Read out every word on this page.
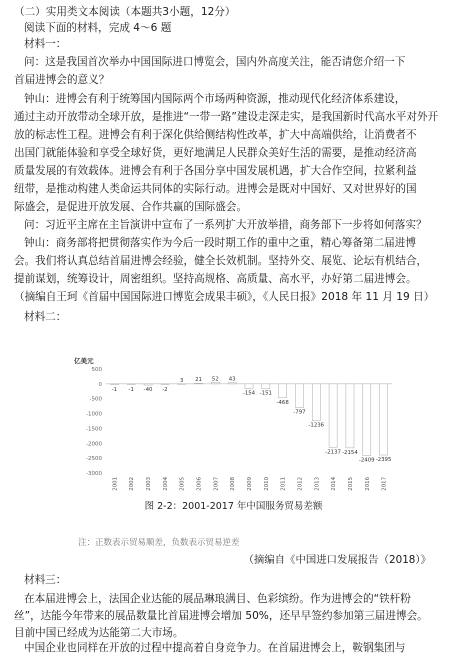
（二）实用类文本阅读（本题共3小题，12分）
阅读下面的材料，完成 4～6 题
材料一：
问：这是我国首次举办中国国际进口博览会，国内外高度关注，能否请您介绍一下
首届进博会的意义？
钟山：进博会有利于统筹国内国际两个市场两种资源，推动现代化经济体系建设，
通过主动开放带动全球开放，是推进“一带一路”建设走深走实，是我国新时代高水平对外开
放的标志性工程。进博会有利于深化供给侧结构性改革，扩大中高端供给，让消费者不
出国门就能体验和享受全球好货，更好地满足人民群众美好生活的需要，是推动经济高
质量发展的有效载体。进博会有利于各国分享中国发展机遇，扩大合作空间，拉紧利益
纽带，是推动构建人类命运共同体的实际行动。进博会是既对中国好、又对世界好的国
际盛会，是促进开放发展、合作共赢的国际盛会。
问：习近平主席在主旨演讲中宣布了一系列扩大开放举措，商务部下一步将如何落实？
钟山：商务部将把贯彻落实作为今后一段时期工作的重中之重，精心筹备第二届进博
会。我们将认真总结首届进博会经验，健全长效机制。坚持外交、展览、论坛有机结合，
提前谋划，统筹设计，周密组织。坚持高规格、高质量、高水平，办好第二届进博会。
（摘编自王珂《首届中国国际进口博览会成果丰硕》，《人民日报》2018 年 11 月 19 日）
材料二：
亿美元
500
0
-500
-1000
-1500
-2000
-2500
-3000
-1
2001
-1
2002
-40
2003
-2
2004
3
2005
21
2006
52
2007
43
2008
-154
2009
-151
2010
-468
2011
-797
2012
-1236
2013
-2137
2014
-2154
2015
-2409
2016
-2395
2017
图 2-2：2001-2017 年中国服务贸易差额
注：正数表示贸易顺差，负数表示贸易逆差
（摘编自《中国进口发展报告（2018）》
材料三：
在本届进博会上，法国企业达能的展品琳琅满目、色彩缤纷。作为进博会的“铁杆粉
丝”，达能今年带来的展品数量比首届进博会增加 50%，还早早签约参加第三届进博会。
目前中国已经成为达能第二大市场。
中国企业也同样在开放的过程中提高着自身竞争力。在首届进博会上，鞍钢集团与
